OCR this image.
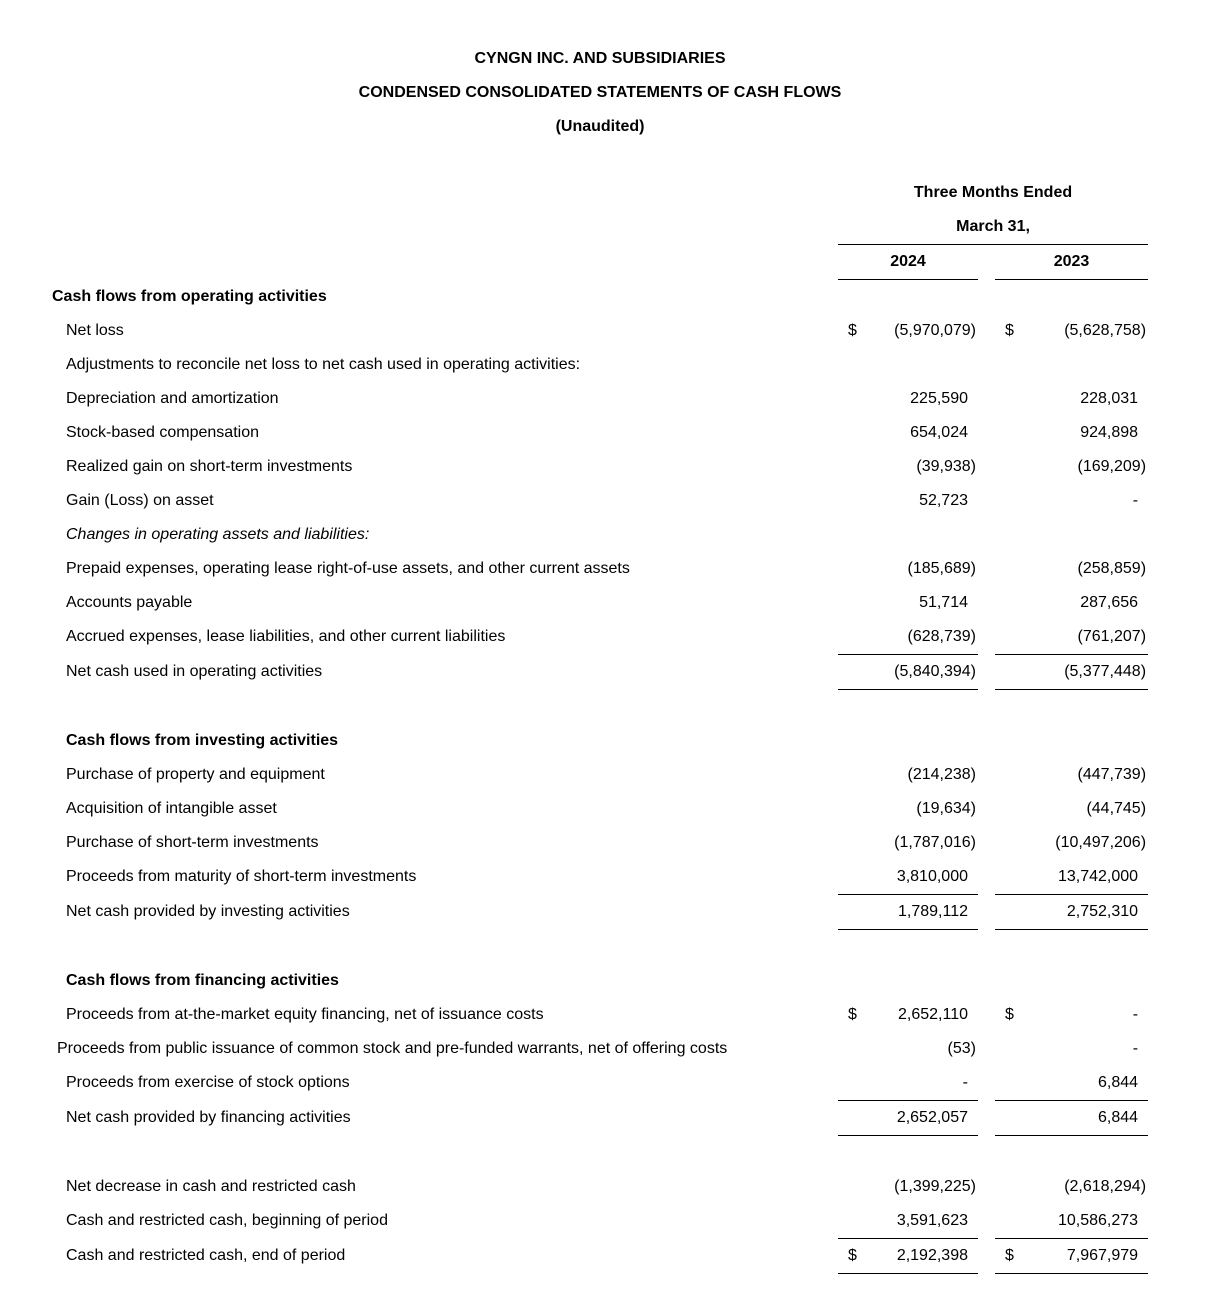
CYNGN INC. AND SUBSIDIARIES
CONDENSED CONSOLIDATED STATEMENTS OF CASH FLOWS
(Unaudited)
	Three Months Ended				
	March 31,				
	2024			2023	
Cash flows from operating activities					
Net loss	$	(5,970,079)		$	(5,628,758)
Adjustments to reconcile net loss to net cash used in operating activities:					
Depreciation and amortization		225,590			228,031
Stock-based compensation		654,024			924,898
Realized gain on short-term investments		(39,938)			(169,209)
Gain (Loss) on asset		52,723			-
Changes in operating assets and liabilities:					
Prepaid expenses, operating lease right-of-use assets, and other current assets		(185,689)			(258,859)
Accounts payable		51,714			287,656
Accrued expenses, lease liabilities, and other current liabilities		(628,739)			(761,207)
Net cash used in operating activities		(5,840,394)			(5,377,448)

Cash flows from investing activities					
Purchase of property and equipment		(214,238)			(447,739)
Acquisition of intangible asset		(19,634)			(44,745)
Purchase of short-term investments		(1,787,016)			(10,497,206)
Proceeds from maturity of short-term investments		3,810,000			13,742,000
Net cash provided by investing activities		1,789,112			2,752,310

Cash flows from financing activities					
Proceeds from at-the-market equity financing, net of issuance costs	$	2,652,110		$	-
Proceeds from public issuance of common stock and pre-funded warrants, net of offering costs		(53)			-
Proceeds from exercise of stock options		-			6,844
Net cash provided by financing activities		2,652,057			6,844

Net decrease in cash and restricted cash		(1,399,225)			(2,618,294)
Cash and restricted cash, beginning of period		3,591,623			10,586,273
Cash and restricted cash, end of period	$	2,192,398		$	7,967,979
